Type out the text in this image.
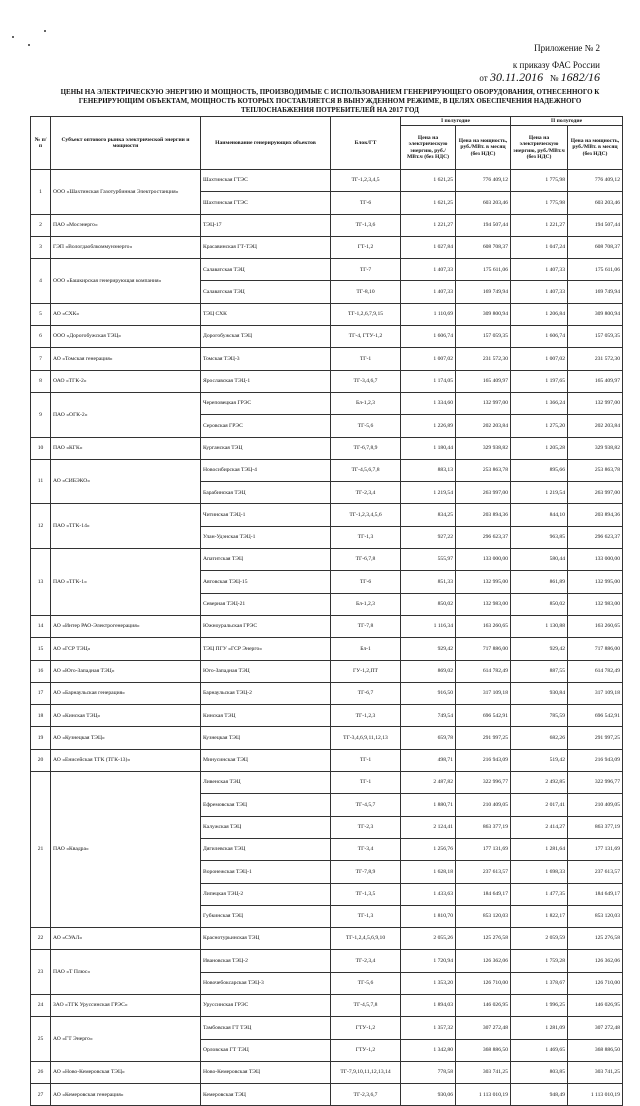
Приложение № 2
к приказу ФАС России
от 30.11.2016 № 1682/16
ЦЕНЫ НА ЭЛЕКТРИЧЕСКУЮ ЭНЕРГИЮ И МОЩНОСТЬ, ПРОИЗВОДИМЫЕ С ИСПОЛЬЗОВАНИЕМ ГЕНЕРИРУЮЩЕГО ОБОРУДОВАНИЯ, ОТНЕСЕННОГО К ГЕНЕРИРУЮЩИМ ОБЪЕКТАМ, МОЩНОСТЬ КОТОРЫХ ПОСТАВЛЯЕТСЯ В ВЫНУЖДЕННОМ РЕЖИМЕ, В ЦЕЛЯХ ОБЕСПЕЧЕНИЯ НАДЕЖНОГО ТЕПЛОСНАБЖЕНИЯ ПОТРЕБИТЕЛЕЙ НА 2017 ГОД
№ п/п	Субъект оптового рынка электрической энергии и мощности	Наименование генерирующих объектов	Блок/ГТ	I полугодие		II полугодие	
				Цена на электрическую энергию, руб./МВт.ч (без НДС)	Цена на мощность, руб./МВт. в месяц (без НДС)	Цена на электрическую энергию, руб./МВт.ч (без НДС)	Цена на мощность, руб./МВт. в месяц (без НДС)
1	ООО «Шахтинская Газотурбинная Электростанция»	Шахтинская ГТЭС	ТГ-1,2,3,4,5	1 621,25	776 409,12	1 775,98	776 409,12
		Шахтинская ГТЭС	ТГ-6	1 621,25	603 203,46	1 775,98	603 203,46
2	ПАО «Мосэнерго»	ТЭЦ-17	ТГ-1,3,6	1 221,27	194 507,44	1 221,27	194 507,44
3	ГЭП «Вологдаоблкоммунэнерго»	Красавинская ГТ-ТЭЦ	ГТ-1,2	1 027,84	608 708,37	1 047,24	608 708,37
4	ООО «Башкирская генерирующая компания»	Салаватская ТЭЦ	ТГ-7	1 407,33	175 611,06	1 407,33	175 611,06
		Салаватская ТЭЦ	ТГ-8,10	1 407,33	169 749,94	1 407,33	169 749,94
5	АО «СХК»	ТЭЦ СХК	ТГ-1,2,6,7,9,15	1 110,69	309 800,94	1 206,84	309 800,94
6	ООО «Дорогобужская ТЭЦ»	Дорогобужская ТЭЦ	ТГ-4, ГТУ-1,2	1 606,74	157 059,35	1 606,74	157 059,35
7	АО «Томская генерация»	Томская ТЭЦ-3	ТГ-1	1 007,02	231 572,30	1 007,02	231 572,30
8	ОАО «ТГК-2»	Ярославская ТЭЦ-1	ТГ-3,4,6,7	1 174,05	165 409,97	1 197,65	165 409,97
9	ПАО «ОГК-2»	Череповецкая ГРЭС	Бл-1,2,3	1 334,60	132 997,00	1 366,24	132 997,00
		Серовская ГРЭС	ТГ-5,6	1 226,89	202 203,84	1 275,20	202 203,84
10	ПАО «КГК»	Курганская ТЭЦ	ТГ-6,7,8,9	1 180,44	329 938,82	1 205,28	329 938,82
11	АО «СИБЭКО»	Новосибирская ТЭЦ-4	ТГ-4,5,6,7,8	883,13	253 863,78	895,66	253 863,78
		Барабинская ТЭЦ	ТГ-2,3,4	1 219,54	263 997,00	1 219,54	263 997,00
12	ПАО «ТГК-14»	Читинская ТЭЦ-1	ТГ-1,2,3,4,5,6	834,25	203 894,36	844,10	203 894,36
		Улан-Удэнская ТЭЦ-1	ТГ-1,3	927,22	296 623,37	963,85	296 623,37
13	ПАО «ТГК-1»	Апатитская ТЭЦ	ТГ-6,7,8	555,97	133 000,00	580,44	133 000,00
		Автовская ТЭЦ-15	ТГ-6	851,33	132 995,00	861,89	132 995,00
		Северная ТЭЦ-21	Бл-1,2,3	850,02	132 983,00	850,02	132 983,00
14	АО «Интер РАО-Электрогенерация»	Южноуральская ГРЭС	ТГ-7,8	1 116,34	163 260,65	1 130,88	163 260,65
15	АО «ГСР ТЭЦ»	ТЭЦ ПГУ «ГСР Энерго»	Бл-1	929,42	717 886,00	929,42	717 886,00
16	АО «Юго-Западная ТЭЦ»	Юго-Западная ТЭЦ	ГУ-1,2,ПТ	869,02	614 782,49	887,55	614 782,49
17	АО «Барнаульская генерация»	Барнаульская ТЭЦ-2	ТГ-6,7	916,50	317 109,18	930,84	317 109,18
18	АО «Кинская ТЭЦ»	Кинская ТЭЦ	ТГ-1,2,3	749,54	696 542,91	785,59	696 542,91
19	АО «Кузнецкая ТЭЦ»	Кузнецкая ТЭЦ	ТГ-3,4,6,9,11,12,13	659,78	291 997,25	682,26	291 997,25
20	АО «Енисейская ТГК (ТГК-13)»	Минусинская ТЭЦ	ТГ-1	498,71	216 943,09	519,42	216 943,09
21	ПАО «Квадра»	Ливенская ТЭЦ	ТГ-1	2 487,82	322 996,77	2 492,85	322 996,77
		Ефремовская ТЭЦ	ТГ-4,5,7	1 880,71	210 409,05	2 017,41	210 409,05
		Калужская ТЭЦ	ТГ-2,3	2 124,41	863 377,19	2 414,27	863 377,19
		Дягилевская ТЭЦ	ТГ-3,4	1 256,76	177 131,69	1 281,64	177 131,69
		Воронежская ТЭЦ-1	ТГ-7,8,9	1 628,18	237 613,57	1 698,33	237 613,57
		Липецкая ТЭЦ-2	ТГ-1,3,5	1 433,63	184 649,17	1 477,35	184 649,17
		Губкинская ТЭЦ	ТГ-1,3	1 810,70	853 120,03	1 822,17	853 120,03
22	АО «СУАЛ»	Краснотурьинская ТЭЦ	ТГ-1,2,4,5,6,9,10	2 055,26	125 276,58	2 059,59	125 276,58
23	ПАО «Т Плюс»	Ивановская ТЭЦ-2	ТГ-2,3,4	1 720,94	126 362,06	1 759,28	126 362,06
		Новочебоксарская ТЭЦ-3	ТГ-5,6	1 353,20	126 710,00	1 378,67	126 710,00
24	ЗАО «ТГК Уруссинская ГРЭС»	Уруссинская ГРЭС	ТГ-4,5,7,8	1 894,03	146 026,95	1 996,25	146 026,95
25	АО «ГТ Энерго»	Тамбовская ГТ ТЭЦ	ГТУ-1,2	1 357,32	307 272,48	1 281,09	307 272,48
		Орловская ГТ ТЭЦ	ГТУ-1,2	1 342,80	368 886,50	1 469,65	368 886,50
26	АО «Ново-Кемеровская ТЭЦ»	Ново-Кемеровская ТЭЦ	ТГ-7,9,10,11,12,13,14	778,58	303 741,25	803,85	303 741,25
27	АО «Кемеровская генерация»	Кемеровская ТЭЦ	ТГ-2,3,6,7	930,06	1 113 010,19	948,49	1 113 010,19
